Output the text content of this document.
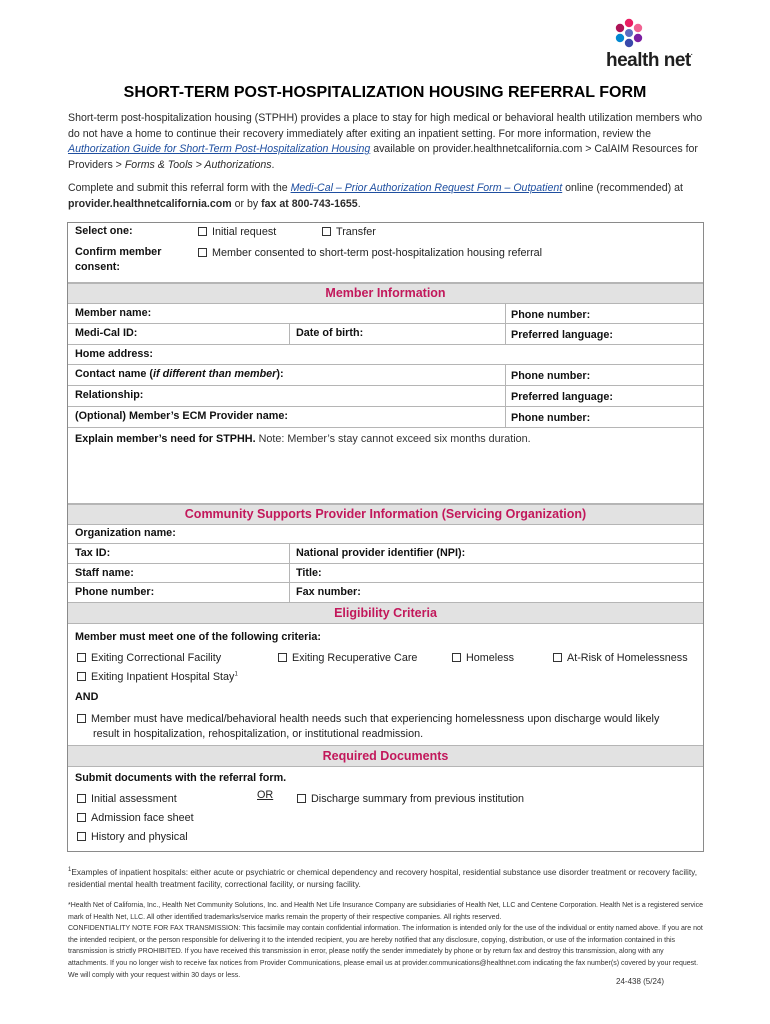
health net.
SHORT-TERM POST-HOSPITALIZATION HOUSING REFERRAL FORM
Short-term post-hospitalization housing (STPHH) provides a place to stay for high medical or behavioral health utilization members who do not have a home to continue their recovery immediately after exiting an inpatient setting. For more information, review the Authorization Guide for Short-Term Post-Hospitalization Housing available on provider.healthnetcalifornia.com > CalAIM Resources for Providers > Forms & Tools > Authorizations.
Complete and submit this referral form with the Medi-Cal – Prior Authorization Request Form – Outpatient online (recommended) at provider.healthnetcalifornia.com or by fax at 800-743-1655.
Select one:	Initial request	Transfer
Confirm member consent:
Member consented to short-term post-hospitalization housing referral
Member Information
Member name:	Phone number:
Medi-Cal ID:	Date of birth:	Preferred language:
Home address:
Contact name (if different than member):	Phone number:
Relationship:	Preferred language:
(Optional) Member’s ECM Provider name:	Phone number:
Explain member’s need for STPHH. Note: Member’s stay cannot exceed six months duration.
Community Supports Provider Information (Servicing Organization)
Organization name:
Tax ID:	National provider identifier (NPI):
Staff name:	Title:
Phone number:	Fax number:
Eligibility Criteria
Member must meet one of the following criteria:
Exiting Correctional Facility	Exiting Recuperative Care	Homeless	At-Risk of Homelessness
Exiting Inpatient Hospital Stay$^1$
AND
Member must have medical/behavioral health needs such that experiencing homelessness upon discharge would likely
result in hospitalization, rehospitalization, or institutional readmission.
Required Documents
Submit documents with the referral form.
Initial assessment	OR	Discharge summary from previous institution
Admission face sheet
History and physical
$^1$Examples of inpatient hospitals: either acute or psychiatric or chemical dependency and recovery hospital, residential substance use disorder treatment or recovery facility, residential mental health treatment facility, correctional facility, or nursing facility.
*Health Net of California, Inc., Health Net Community Solutions, Inc. and Health Net Life Insurance Company are subsidiaries of Health Net, LLC and Centene Corporation. Health Net is a registered service mark of Health Net, LLC. All other identified trademarks/service marks remain the property of their respective companies. All rights reserved.
CONFIDENTIALITY NOTE FOR FAX TRANSMISSION: This facsimile may contain confidential information. The information is intended only for the use of the individual or entity named above. If you are not the intended recipient, or the person responsible for delivering it to the intended recipient, you are hereby notified that any disclosure, copying, distribution, or use of the information contained in this transmission is strictly PROHIBITED. If you have received this transmission in error, please notify the sender immediately by phone or by return fax and destroy this transmission, along with any attachments. If you no longer wish to receive fax notices from Provider Communications, please email us at provider.communications@healthnet.com indicating the fax number(s) covered by your request. We will comply with your request within 30 days or less.
24-438 (5/24)
